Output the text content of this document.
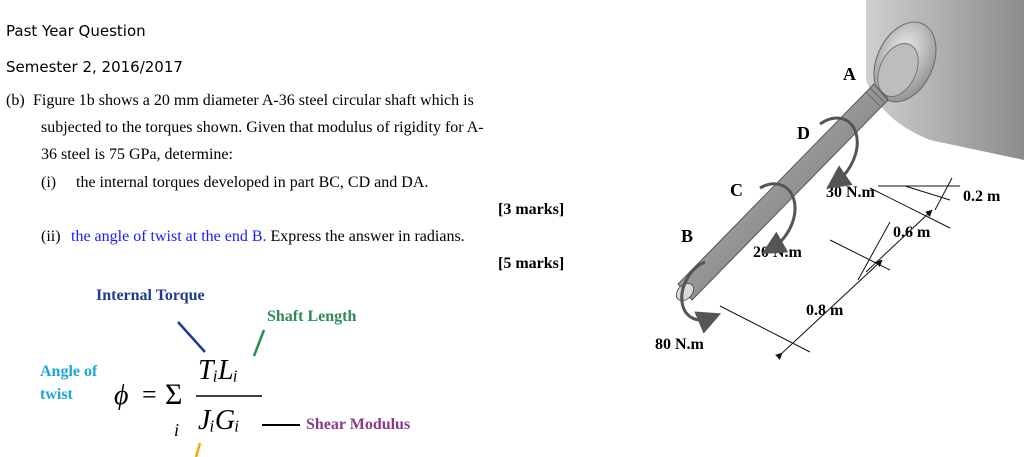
Past Year Question
Semester 2, 2016/2017
(b) Figure 1b shows a 20 mm diameter A-36 steel circular shaft which is
subjected to the torques shown. Given that modulus of rigidity for A-
36 steel is 75 GPa, determine:
(i) the internal torques developed in part BC, CD and DA.
[3 marks]
(ii) the angle of twist at the end B. Express the answer in radians.
[5 marks]
Internal Torque
Shaft Length
Angle of
twist
Shear Modulus
ϕ = Σ
i
TᵢLᵢ
JᵢGᵢ
A
D
C
B
30 N.m
20 N.m
80 N.m
0.2 m
0.6 m
0.8 m
